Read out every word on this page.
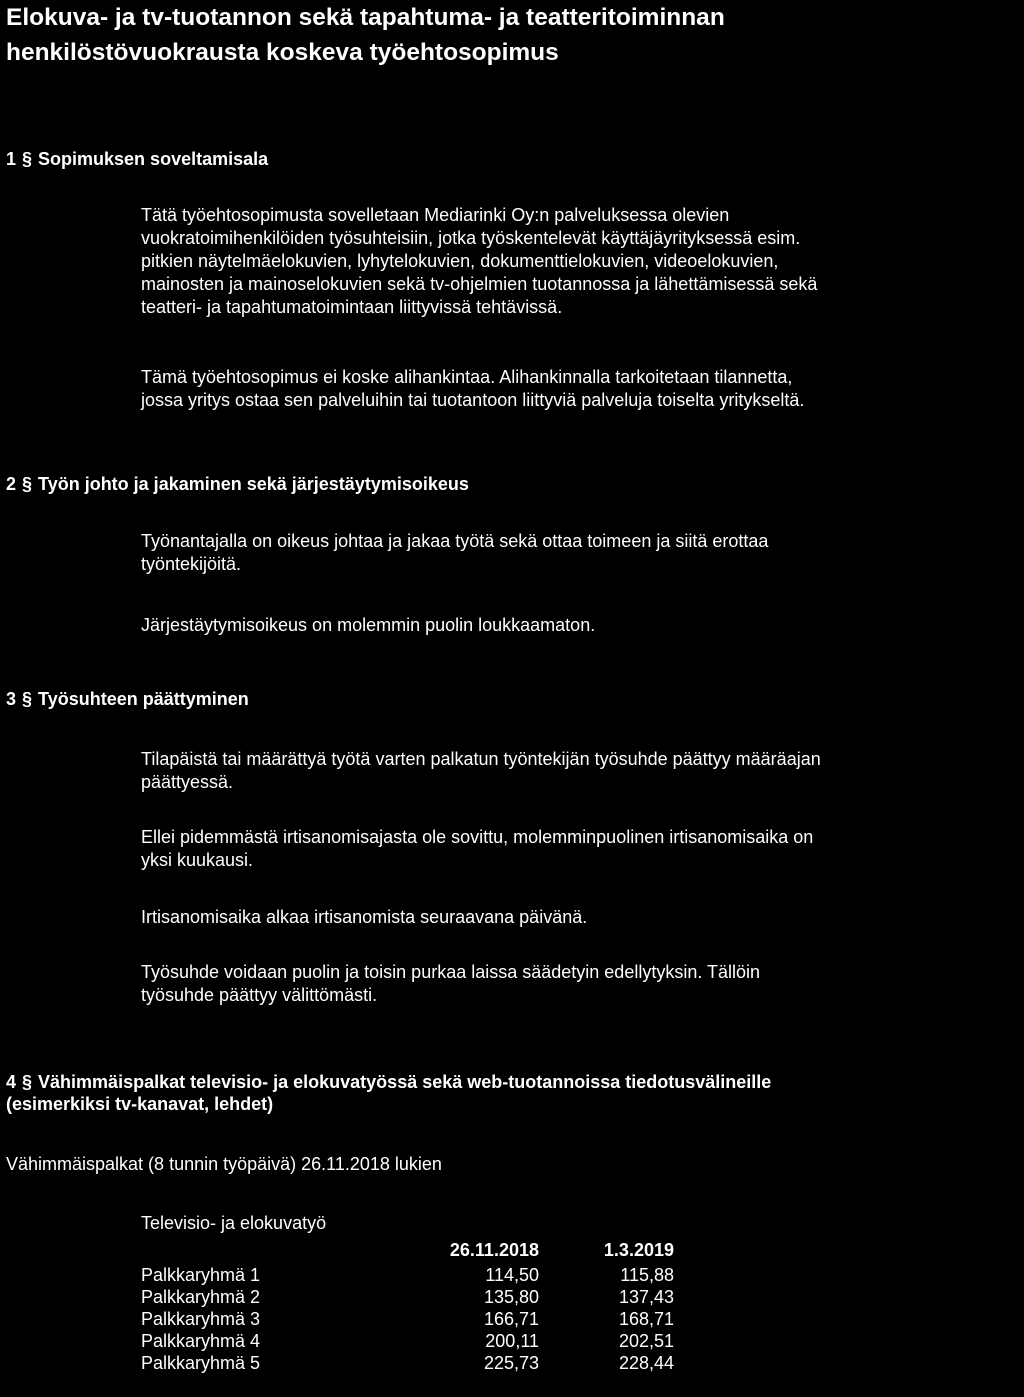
Elokuva- ja tv-tuotannon sekä tapahtuma- ja teatteritoiminnan
henkilöstövuokrausta koskeva työehtosopimus
1 § Sopimuksen soveltamisala
Tätä työehtosopimusta sovelletaan Mediarinki Oy:n palveluksessa olevien
vuokratoimihenkilöiden työsuhteisiin, jotka työskentelevät käyttäjäyrityksessä esim.
pitkien näytelmäelokuvien, lyhytelokuvien, dokumenttielokuvien, videoelokuvien,
mainosten ja mainoselokuvien sekä tv-ohjelmien tuotannossa ja lähettämisessä sekä
teatteri- ja tapahtumatoimintaan liittyvissä tehtävissä.
Tämä työehtosopimus ei koske alihankintaa. Alihankinnalla tarkoitetaan tilannetta,
jossa yritys ostaa sen palveluihin tai tuotantoon liittyviä palveluja toiselta yritykseltä.
2 § Työn johto ja jakaminen sekä järjestäytymisoikeus
Työnantajalla on oikeus johtaa ja jakaa työtä sekä ottaa toimeen ja siitä erottaa
työntekijöitä.
Järjestäytymisoikeus on molemmin puolin loukkaamaton.
3 § Työsuhteen päättyminen
Tilapäistä tai määrättyä työtä varten palkatun työntekijän työsuhde päättyy määräajan
päättyessä.
Ellei pidemmästä irtisanomisajasta ole sovittu, molemminpuolinen irtisanomisaika on
yksi kuukausi.
Irtisanomisaika alkaa irtisanomista seuraavana päivänä.
Työsuhde voidaan puolin ja toisin purkaa laissa säädetyin edellytyksin. Tällöin
työsuhde päättyy välittömästi.
4 § Vähimmäispalkat televisio- ja elokuvatyössä sekä web-tuotannoissa tiedotusvälineille
(esimerkiksi tv-kanavat, lehdet)
Vähimmäispalkat (8 tunnin työpäivä) 26.11.2018 lukien
Televisio- ja elokuvatyö
	26.11.2018	1.3.2019
Palkkaryhmä 1	114,50	115,88
Palkkaryhmä 2	135,80	137,43
Palkkaryhmä 3	166,71	168,71
Palkkaryhmä 4	200,11	202,51
Palkkaryhmä 5	225,73	228,44
